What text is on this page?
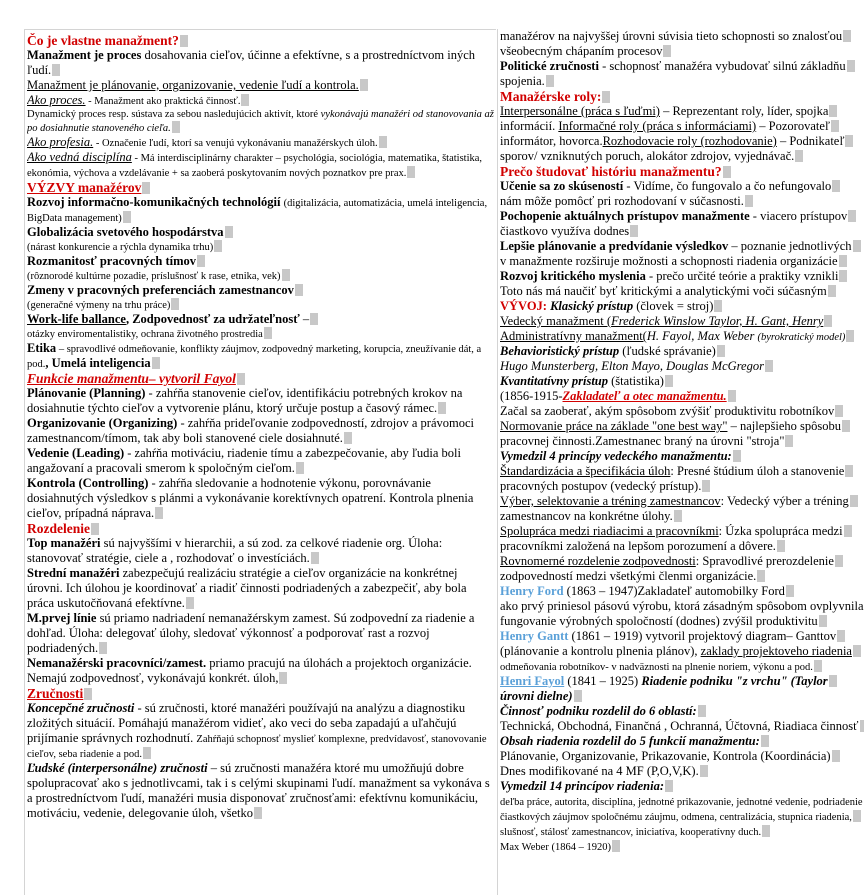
Čo je vlastne manažment?

Manažment je proces dosahovania cieľov, účinne a efektívne, s a prostredníctvom iných ľudí.

Manažment je plánovanie, organizovanie, vedenie ľudí a kontrola.

Ako proces. - Manažment ako praktická činnosť.

Dynamický proces resp. sústava za sebou nasledujúcich aktivít, ktoré vykonávajú manažéri od stanovovania až po dosiahnutie stanoveného cieľa.

Ako profesia. - Označenie ľudí, ktorí sa venujú vykonávaniu manažérskych úloh.

Ako vedná disciplína - Má interdisciplinárny charakter – psychológia, sociológia, matematika, štatistika, ekonómia, výchova a vzdelávanie + sa zaoberá poskytovaním nových poznatkov pre prax.

VÝZVY manažérov

Rozvoj informačno-komunikačných technológií (digitalizácia, automatizácia, umelá inteligencia, BigData management)

Globalizácia svetového hospodárstva

(nárast konkurencie a rýchla dynamika trhu)

Rozmanitosť pracovných tímov

(rôznorodé kultúrne pozadie, príslušnosť k rase, etnika, vek)

Zmeny v pracovných preferenciách zamestnancov

(generačné výmeny na trhu práce)

Work-life ballance, Zodpovednosť za udržateľnosť –

otázky enviromentalistiky, ochrana životného prostredia

Etika – spravodlivé odmeňovanie, konflikty záujmov, zodpovedný marketing, korupcia, zneužívanie dát, a pod., Umelá inteligencia

Funkcie manažmentu– vytvoril Fayol

Plánovanie (Planning) - zahŕňa stanovenie cieľov, identifikáciu potrebných krokov na dosiahnutie týchto cieľov a vytvorenie plánu, ktorý určuje postup a časový rámec.

Organizovanie (Organizing) - zahŕňa prideľovanie zodpovedností, zdrojov a právomoci zamestnancom/tímom, tak aby boli stanovené ciele dosiahnuté.

Vedenie (Leading) - zahŕňa motiváciu, riadenie tímu a zabezpečovanie, aby ľudia boli angažovaní a pracovali smerom k spoločným cieľom.

Kontrola (Controlling) - zahŕňa sledovanie a hodnotenie výkonu, porovnávanie dosiahnutých výsledkov s plánmi a vykonávanie korektívnych opatrení. Kontrola plnenia cieľov, prípadná náprava.

Rozdelenie

Top manažéri sú najvyššími v hierarchii, a sú zod. za celkové riadenie org. Úloha: stanovovať stratégie, ciele a , rozhodovať o investíciách.

Strední manažéri zabezpečujú realizáciu stratégie a cieľov organizácie na konkrétnej úrovni. Ich úlohou je koordinovať a riadiť činnosti podriadených a zabezpečiť, aby bola práca uskutočňovaná efektívne.

M.prvej línie sú priamo nadriadení nemanažérskym zamest. Sú zodpovední za riadenie a dohľad. Úloha: delegovať úlohy, sledovať výkonnosť a podporovať rast a rozvoj podriadených.

Nemanažérski pracovníci/zamest. priamo pracujú na úlohách a projektoch organizácie. Nemajú zodpovednosť, vykonávajú konkrét. úloh,

Zručnosti

Koncepčné zručnosti - sú zručnosti, ktoré manažéri používajú na analýzu a diagnostiku zložitých situácií. Pomáhajú manažérom vidieť, ako veci do seba zapadajú a uľahčujú prijímanie správnych rozhodnutí. Zahŕňajú schopnosť myslieť komplexne, predvídavosť, stanovovanie cieľov, seba riadenie a pod.

Ľudské (interpersonálne) zručnosti – sú zručnosti manažéra ktoré mu umožňujú dobre spolupracovať ako s jednotlivcami, tak i s celými skupinami ľudí. manažment sa vykonáva s a prostredníctvom ľudí, manažéri musia disponovať zručnosťami: efektívnu komunikáciu, motiváciu, vedenie, delegovanie úloh, všetko

manažérov na najvyššej úrovni súvisia tieto schopnosti so znalosťou

všeobecným chápaním procesov

Politické zručnosti - schopnosť manažéra vybudovať silnú základňu

spojenia.

Manažérske roly:

Interpersonálne (práca s ľuďmi) – Reprezentant roly, líder, spojka

informácií. Informačné roly (práca s informáciami) – Pozorovateľ

informátor, hovorca.Rozhodovacie roly (rozhodovanie) – Podnikateľ

sporov/ vzniknutých poruch, alokátor zdrojov, vyjednávač.

Prečo študovať históriu manažmentu?

Učenie sa zo skúseností - Vidíme, čo fungovalo a čo nefungovalo

nám môže pomôcť pri rozhodovaní v súčasnosti.

Pochopenie aktuálnych prístupov manažmente - viacero prístupov

čiastkovo využíva dodnes

Lepšie plánovanie a predvídanie výsledkov – poznanie jednotlivých

v manažmente rozširuje možnosti a schopnosti riadenia organizácie

Rozvoj kritického myslenia - prečo určité teórie a praktiky vznikli

Toto nás má naučiť byť kritickými a analytickými voči súčasným

VÝVOJ: Klasický prístup (človek = stroj)

Vedecký manažment (Frederick Winslow Taylor, H. Gant, Henry

Administratívny manažment(H. Fayol, Max Weber (byrokratický model)

Behavioristický prístup (ľudské správanie)

Hugo Munsterberg, Elton Mayo, Douglas McGregor

Kvantitatívny prístup (štatistika)

(1856-1915-Zakladateľ a otec manažmentu.

Začal sa zaoberať, akým spôsobom zvýšiť produktivitu robotníkov

Normovanie práce na základe "one best way" – najlepšieho spôsobu

pracovnej činnosti.Zamestnanec braný na úrovni "stroja"

Vymedzil 4 princípy vedeckého manažmentu:

Štandardizácia a špecifikácia úloh: Presné štúdium úloh a stanovenie

pracovných postupov (vedecký prístup).

Výber, selektovanie a tréning zamestnancov: Vedecký výber a tréning

zamestnancov na konkrétne úlohy.

Spolupráca medzi riadiacimi a pracovníkmi: Úzka spolupráca medzi

pracovníkmi založená na lepšom porozumení a dôvere.

Rovnomerné rozdelenie zodpovednosti: Spravodlivé prerozdelenie

zodpovedností medzi všetkými členmi organizácie.

Henry Ford (1863 – 1947)Zakladateľ automobilky Ford

ako prvý priniesol pásovú výrobu, ktorá zásadným spôsobom ovplyvnila

fungovanie výrobných spoločností (dodnes) zvýšil produktivitu

Henry Gantt (1861 – 1919) vytvoril projektový diagram– Ganttov

(plánovanie a kontrolu plnenia plánov), zaklady projektoveho riadenia

odmeňovania robotníkov- v nadväznosti na plnenie noriem, výkonu a pod.

Henri Fayol (1841 – 1925) Riadenie podniku "z vrchu" (Taylor

úrovni dielne)

Činnosť podniku rozdelil do 6 oblastí:

Technická, Obchodná, Finančná , Ochranná, Účtovná, Riadiaca činnosť

Obsah riadenia rozdelil do 5 funkcií manažmentu:

Plánovanie, Organizovanie, Prikazovanie, Kontrola (Koordinácia)

Dnes modifikované na 4 MF (P,O,V,K).

Vymedzil 14 princípov riadenia:

deľba práce, autorita, disciplína, jednotné prikazovanie, jednotné vedenie, podriadenie

čiastkových záujmov spoločnému záujmu, odmena, centralizácia, stupnica riadenia,

slušnosť, stálosť zamestnancov, iniciatíva, kooperatívny duch.

Max Weber (1864 – 1920)
